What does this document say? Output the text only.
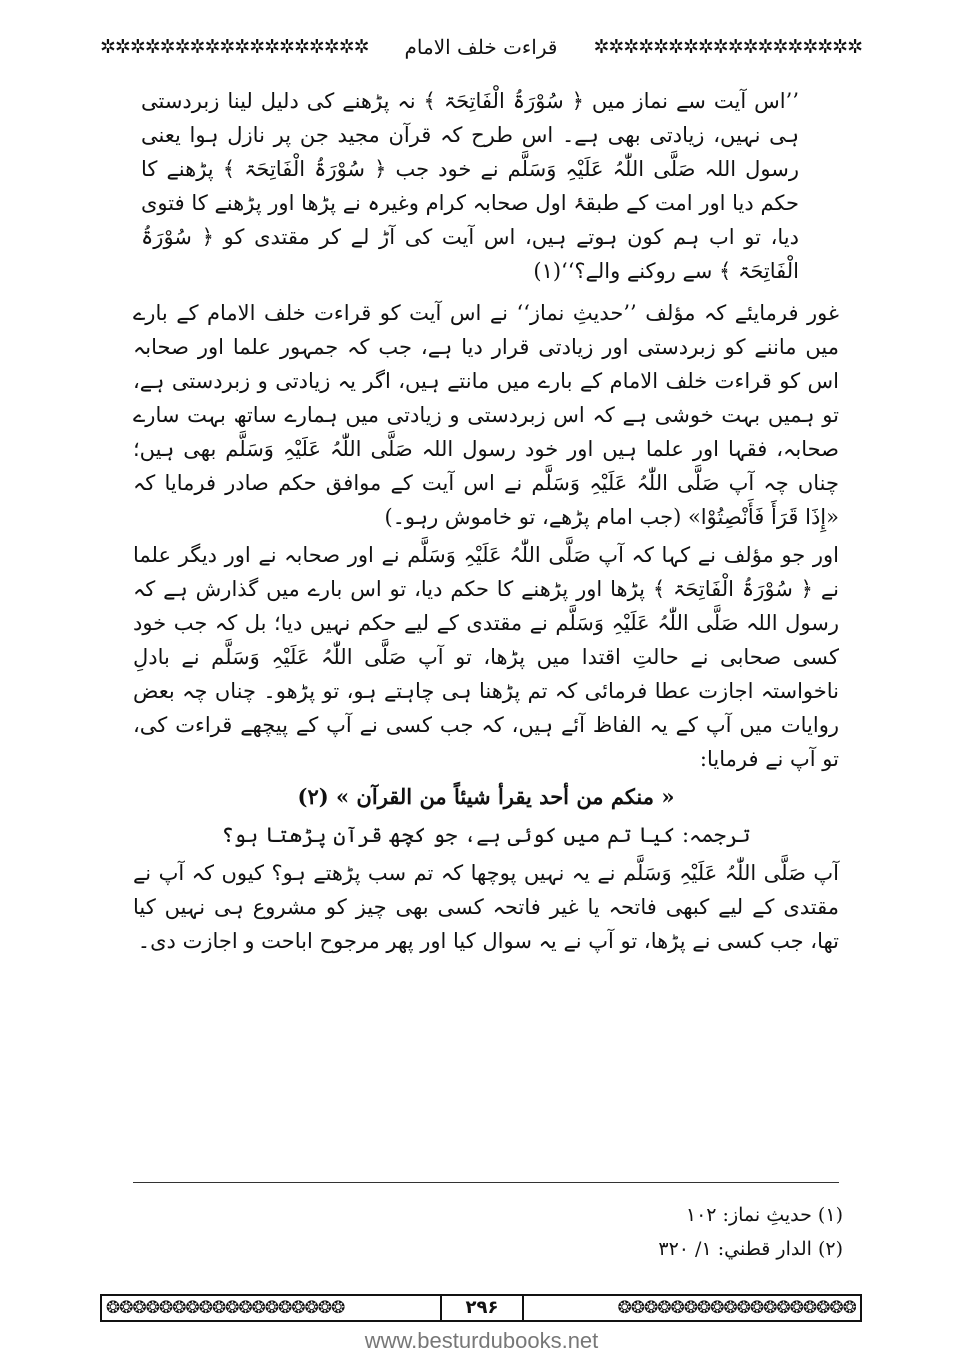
✲✲✲✲✲✲✲✲✲✲✲✲✲✲✲✲✲✲	قراءت خلف الامام	✲✲✲✲✲✲✲✲✲✲✲✲✲✲✲✲✲✲

’’اس آیت سے نماز میں ﴿ سُوْرَۃُ الْفَاتِحَۃ ﴾ نہ پڑھنے کی دلیل لینا زبردستی ہی نہیں، زیادتی بھی ہے۔ اس طرح کہ قرآن مجید جن پر نازل ہوا یعنی رسول اللہ صَلَّی اللّٰہُ عَلَیْہِ وَسَلَّم نے خود جب ﴿ سُوْرَۃُ الْفَاتِحَۃ ﴾ پڑھنے کا حکم دیا اور امت کے طبقۂ اول صحابہ کرام وغیرہ نے پڑھا اور پڑھنے کا فتوی دیا، تو اب ہم کون ہوتے ہیں، اس آیت کی آڑ لے کر مقتدی کو ﴿ سُوْرَۃُ الْفَاتِحَۃ ﴾ سے روکنے والے؟‘‘(۱)

غور فرمایئے کہ مؤلف ’’حدیثِ نماز‘‘ نے اس آیت کو قراءت خلف الامام کے بارے میں ماننے کو زبردستی اور زیادتی قرار دیا ہے، جب کہ جمہور علما اور صحابہ اس کو قراءت خلف الامام کے بارے میں مانتے ہیں، اگر یہ زیادتی و زبردستی ہے، تو ہمیں بہت خوشی ہے کہ اس زبردستی و زیادتی میں ہمارے ساتھ بہت سارے صحابہ، فقہا اور علما ہیں اور خود رسول اللہ صَلَّی اللّٰہُ عَلَیْہِ وَسَلَّم بھی ہیں؛ چناں چہ آپ صَلَّی اللّٰہُ عَلَیْہِ وَسَلَّم نے اس آیت کے موافق حکم صادر فرمایا کہ «إِذَا قَرَأَ فَأَنْصِتُوْا» (جب امام پڑھے، تو خاموش رہو۔)

اور جو مؤلف نے کہا کہ آپ صَلَّی اللّٰہُ عَلَیْہِ وَسَلَّم نے اور صحابہ نے اور دیگر علما نے ﴿ سُوْرَۃُ الْفَاتِحَۃ ﴾ پڑھا اور پڑھنے کا حکم دیا، تو اس بارے میں گذارش ہے کہ رسول اللہ صَلَّی اللّٰہُ عَلَیْہِ وَسَلَّم نے مقتدی کے لیے حکم نہیں دیا؛ بل کہ جب خود کسی صحابی نے حالتِ اقتدا میں پڑھا، تو آپ صَلَّی اللّٰہُ عَلَیْہِ وَسَلَّم نے بادلِ ناخواستہ اجازت عطا فرمائی کہ تم پڑھنا ہی چاہتے ہو، تو پڑھو۔ چناں چہ بعض روایات میں آپ کے یہ الفاظ آئے ہیں، کہ جب کسی نے آپ کے پیچھے قراءت کی، تو آپ نے فرمایا:

« منكم من أحد يقرأ شيئاً من القرآن » (۲)

ترجمہ: کیا تم میں کوئی ہے، جو کچھ قرآن پڑھتا ہو؟

آپ صَلَّی اللّٰہُ عَلَیْہِ وَسَلَّم نے یہ نہیں پوچھا کہ تم سب پڑھتے ہو؟ کیوں کہ آپ نے مقتدی کے لیے کبھی فاتحہ یا غیر فاتحہ کسی بھی چیز کو مشروع ہی نہیں کیا تھا، جب کسی نے پڑھا، تو آپ نے یہ سوال کیا اور پھر مرجوح اباحت و اجازت دی۔

(۱) حدیثِ نماز: ۱۰۲

(۲) الدار قطني: ۱/ ۳۲۰

❂❂❂❂❂❂❂❂❂❂❂❂❂❂❂❂❂❂	۲۹۶	❂❂❂❂❂❂❂❂❂❂❂❂❂❂❂❂❂❂
www.besturdubooks.net
